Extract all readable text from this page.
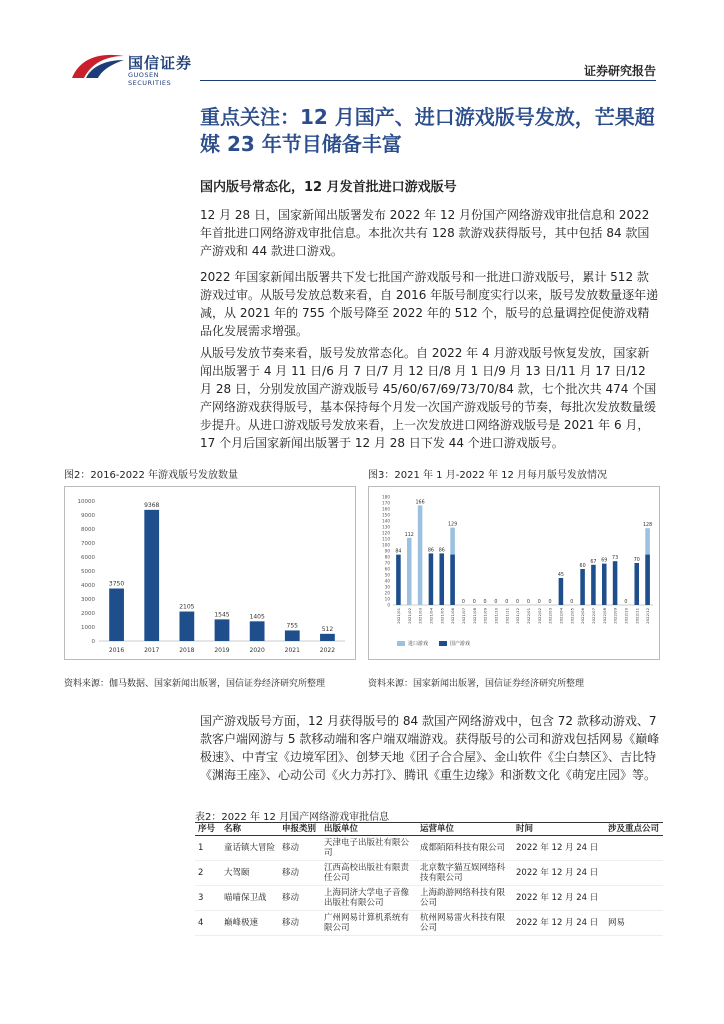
国信证券
GUOSEN SECURITIES
证券研究报告
重点关注：12 月国产、进口游戏版号发放，芒果超媒 23 年节目储备丰富
国内版号常态化，12 月发首批进口游戏版号

12 月 28 日，国家新闻出版署发布 2022 年 12 月份国产网络游戏审批信息和 2022 年首批进口网络游戏审批信息。本批次共有 128 款游戏获得版号，其中包括 84 款国产游戏和 44 款进口游戏。

2022 年国家新闻出版署共下发七批国产游戏版号和一批进口游戏版号，累计 512 款游戏过审。从版号发放总数来看，自 2016 年版号制度实行以来，版号发放数量逐年递减，从 2021 年的 755 个版号降至 2022 年的 512 个，版号的总量调控促使游戏精品化发展需求增强。

从版号发放节奏来看，版号发放常态化。自 2022 年 4 月游戏版号恢复发放，国家新闻出版署于 4 月 11 日/6 月 7 日/7 月 12 日/8 月 1 日/9 月 13 日/11 月 17 日/12 月 28 日，分别发放国产游戏版号 45/60/67/69/73/70/84 款，七个批次共 474 个国产网络游戏获得版号，基本保持每个月发一次国产游戏版号的节奏，每批次发放数量缓步提升。从进口游戏版号发放来看，上一次发放进口网络游戏版号是 2021 年 6 月，17 个月后国家新闻出版署于 12 月 28 日下发 44 个进口游戏版号。

图2：2016-2022 年游戏版号发放数量
0
1000
2000
3000
4000
5000
6000
7000
8000
9000
10000
3750
2016
9368
2017
2105
2018
1545
2019
1405
2020
755
2021
512
2022
资料来源：伽马数据、国家新闻出版署，国信证券经济研究所整理
图3：2021 年 1 月-2022 年 12 月每月版号发放情况
0
10
20
30
40
50
60
70
80
90
100
110
120
130
140
150
160
170
180
84
2021/01
112
2021/02
166
2021/03
86
2021/04
86
2021/05
129
2021/06
0
2021/07
0
2021/08
0
2021/09
0
2021/10
0
2021/11
0
2021/12
0
2022/01
0
2022/02
0
2022/03
45
2022/04
0
2022/05
60
2022/06
67
2022/07
69
2022/08
73
2022/09
0
2022/10
70
2022/11
128
2022/12
进口游戏	国产游戏
资料来源：国家新闻出版署，国信证券经济研究所整理

国产游戏版号方面，12 月获得版号的 84 款国产网络游戏中，包含 72 款移动游戏、7 款客户端网游与 5 款移动端和客户端双端游戏。获得版号的公司和游戏包括网易《巅峰极速》、中青宝《边境军团》、创梦天地《团子合合屋》、金山软件《尘白禁区》、吉比特《渊海王座》、心动公司《火力苏打》、腾讯《重生边缘》和浙数文化《萌宠庄园》等。

表2：2022 年 12 月国产网络游戏审批信息
序号	名称	申报类别	出版单位	运营单位	时间	涉及重点公司
1	童话镇大冒险	移动	天津电子出版社有限公司	成都陌陌科技有限公司	2022 年 12 月 24 日	
2	大驾颐	移动	江西高校出版社有限责任公司	北京数字猫互娱网络科技有限公司	2022 年 12 月 24 日	
3	喵喵保卫战	移动	上海同济大学电子音像出版社有限公司	上海韵游网络科技有限公司	2022 年 12 月 24 日	
4	巅峰极速	移动	广州网易计算机系统有限公司	杭州网易雷火科技有限公司	2022 年 12 月 24 日	网易
